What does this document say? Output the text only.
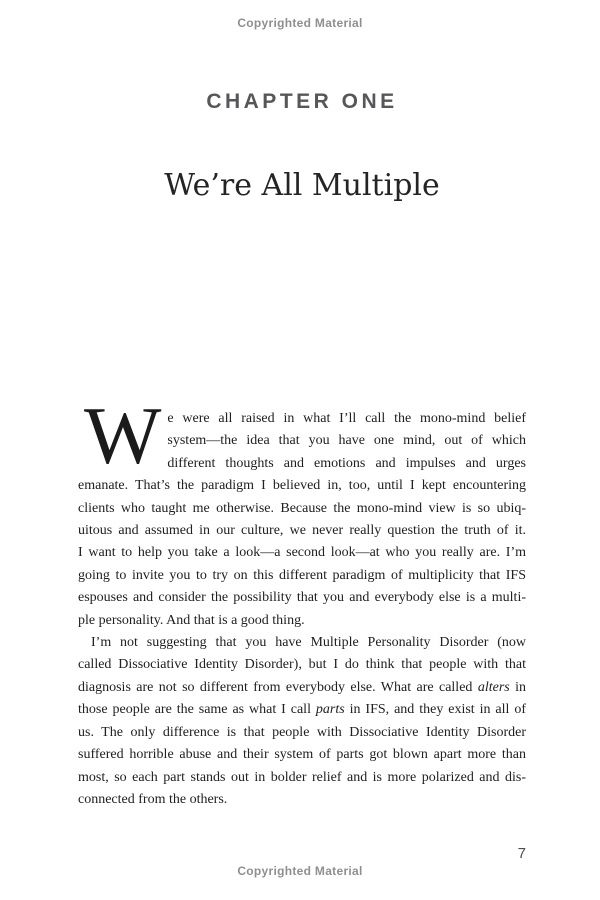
Copyrighted Material
CHAPTER ONE
We’re All Multiple
W e were all raised in what I’ll call the mono-mind belief
system—the idea that you have one mind, out of which
different thoughts and emotions and impulses and urges
emanate. That’s the paradigm I believed in, too, until I kept encountering
clients who taught me otherwise. Because the mono-mind view is so ubiq-
uitous and assumed in our culture, we never really question the truth of it.
I want to help you take a look—a second look—at who you really are. I’m
going to invite you to try on this different paradigm of multiplicity that IFS
espouses and consider the possibility that you and everybody else is a multi-
ple personality. And that is a good thing.
I’m not suggesting that you have Multiple Personality Disorder (now
called Dissociative Identity Disorder), but I do think that people with that
diagnosis are not so different from everybody else. What are called alters in
those people are the same as what I call parts in IFS, and they exist in all of
us. The only difference is that people with Dissociative Identity Disorder
suffered horrible abuse and their system of parts got blown apart more than
most, so each part stands out in bolder relief and is more polarized and dis-
connected from the others.
7
Copyrighted Material
